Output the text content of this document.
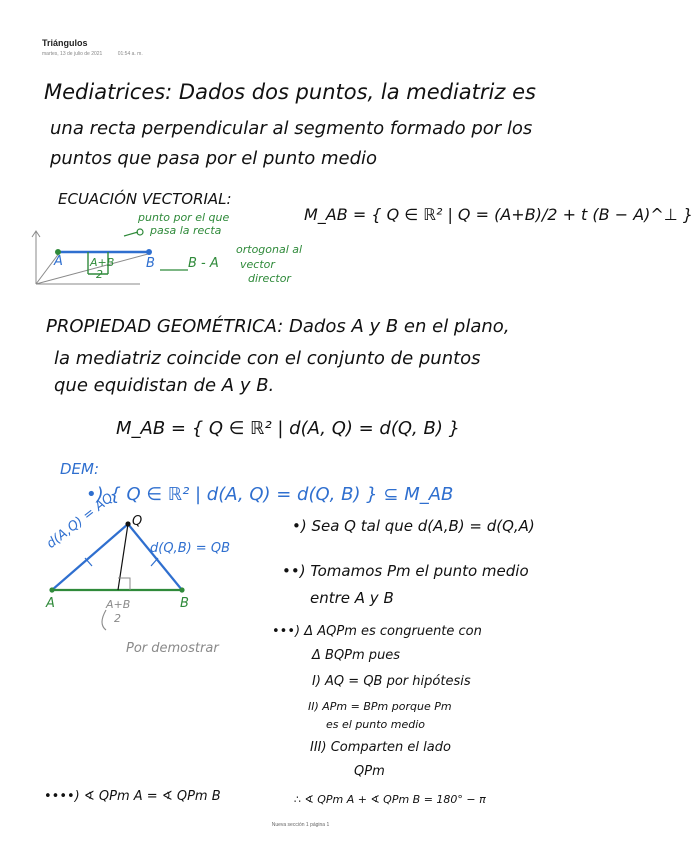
Triángulos
martes, 13 de julio de 2021	01:54 a. m.
Mediatrices: Dados dos puntos, la mediatriz es
una recta perpendicular al segmento formado por los
puntos que pasa por el punto medio
ECUACIÓN VECTORIAL:
punto por el que
pasa la recta
ortogonal al
B - A vector
director
A	B
A+B
2
M_AB = { Q ∈ ℝ² | Q = (A+B)/2 + t (B − A)^⊥ }
PROPIEDAD GEOMÉTRICA: Dados A y B en el plano,
la mediatriz coincide con el conjunto de puntos
que equidistan de A y B.
M_AB = { Q ∈ ℝ² | d(A, Q) = d(Q, B) }
DEM:
•) { Q ∈ ℝ² | d(A, Q) = d(Q, B) } ⊆ M_AB
d(A,Q) = AQ	d(Q,B) = QB
Q
A	B
A+B
2
Por demostrar
•) Sea Q tal que d(A,B) = d(Q,A)
••) Tomamos Pm el punto medio
entre A y B
•••) Δ AQPm es congruente con
Δ BQPm pues
I) AQ = QB por hipótesis
II) APm = BPm porque Pm
es el punto medio
III) Comparten el lado
QPm
••••) ∢ QPm A = ∢ QPm B	∴ ∢ QPm A + ∢ QPm B = 180° − π
Nueva sección 1 página 1
